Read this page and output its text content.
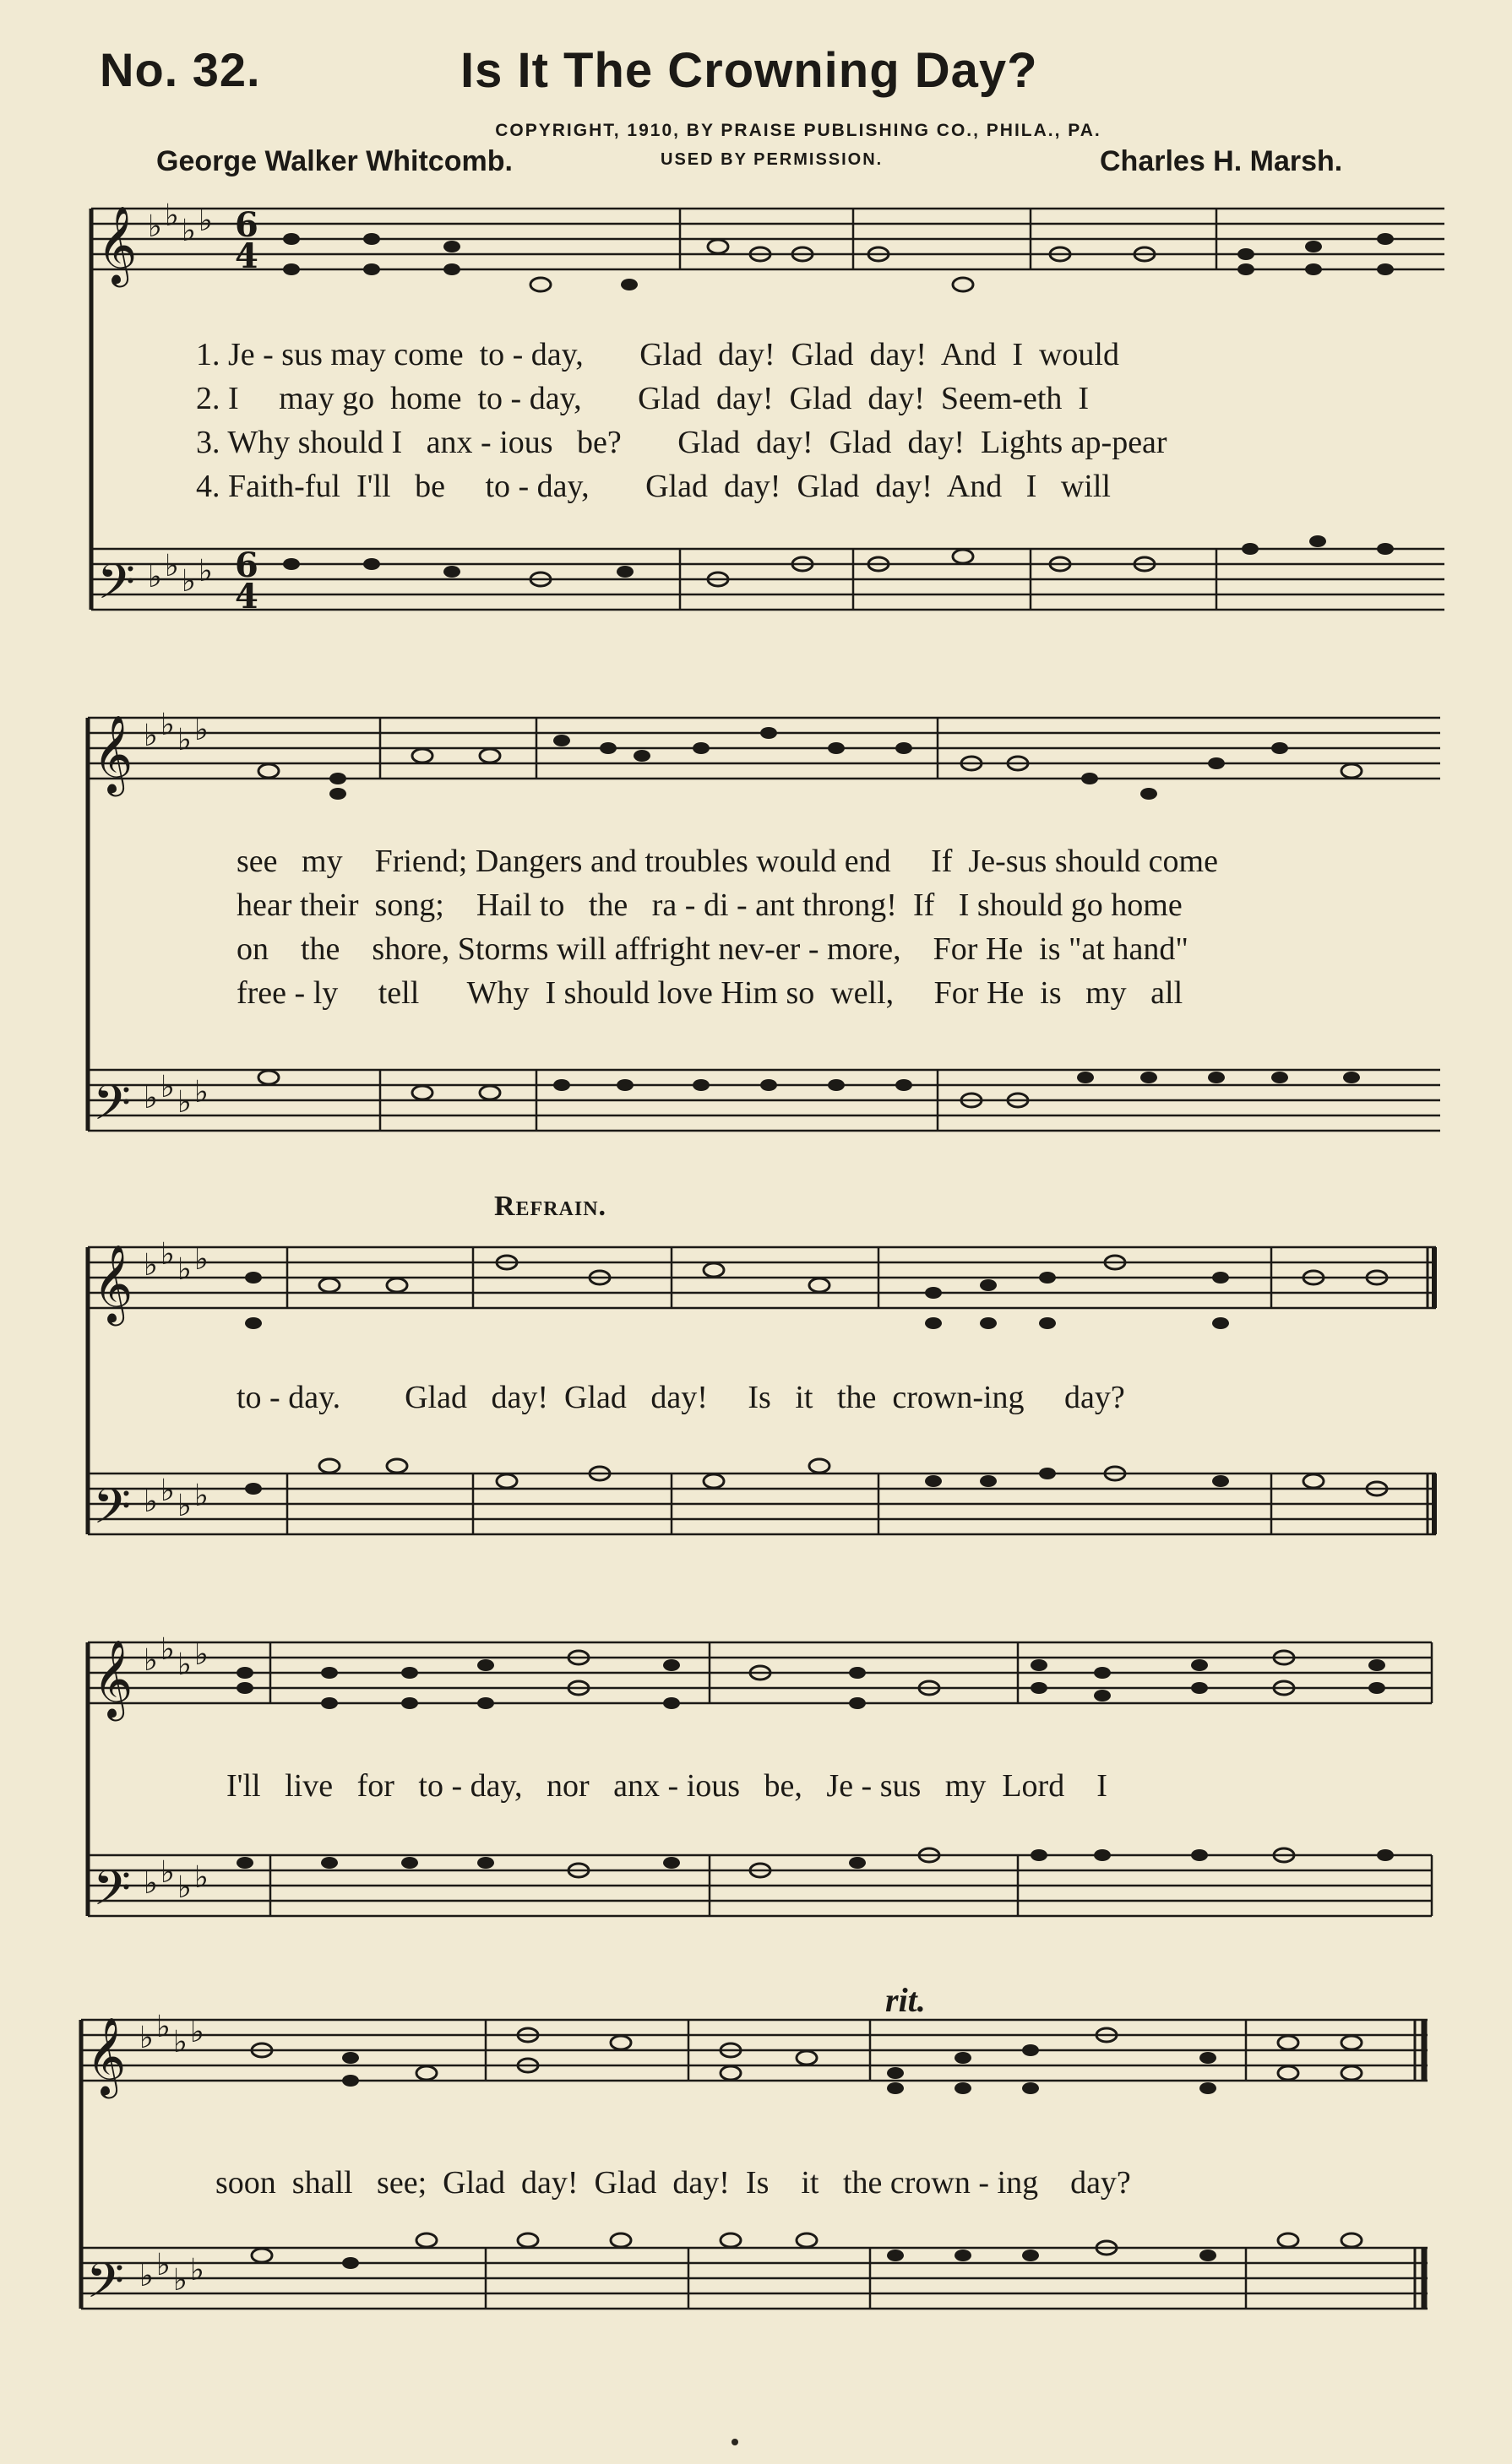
No. 32.	Is It The Crowning Day?
COPYRIGHT, 1910, BY PRAISE PUBLISHING CO., PHILA., PA.
George Walker Whitcomb.	USED BY PERMISSION.	Charles H. Marsh.
𝄞
𝄢
♭ ♭ ♭ ♭
♭ ♭ ♭ ♭
6
4
6
4
1. Je - sus may come  to - day,       Glad  day!  Glad  day!  And  I  would
2. I     may go  home  to - day,       Glad  day!  Glad  day!  Seem-eth  I
3. Why should I   anx - ious   be?       Glad  day!  Glad  day!  Lights ap-pear
4. Faith-ful  I'll   be     to - day,       Glad  day!  Glad  day!  And   I   will
𝄞
𝄢
♭ ♭ ♭ ♭
♭ ♭ ♭ ♭
see   my    Friend; Dangers and troubles would end     If  Je-sus should come
hear their  song;    Hail to   the   ra - di - ant throng!  If   I should go home
on    the    shore, Storms will affright nev-er - more,    For He  is "at hand"
free - ly     tell      Why  I should love Him so  well,     For He  is   my   all
Refrain.
𝄞
𝄢
♭ ♭ ♭ ♭
♭ ♭ ♭ ♭
to - day.        Glad   day!  Glad   day!     Is   it   the  crown-ing     day?
𝄞
𝄢
♭ ♭ ♭ ♭
♭ ♭ ♭ ♭
I'll   live   for   to - day,   nor   anx - ious   be,   Je - sus   my  Lord    I
rit.
𝄞
𝄢
♭ ♭ ♭ ♭
♭ ♭ ♭ ♭
soon  shall   see;  Glad  day!  Glad  day!  Is    it   the crown - ing    day?
